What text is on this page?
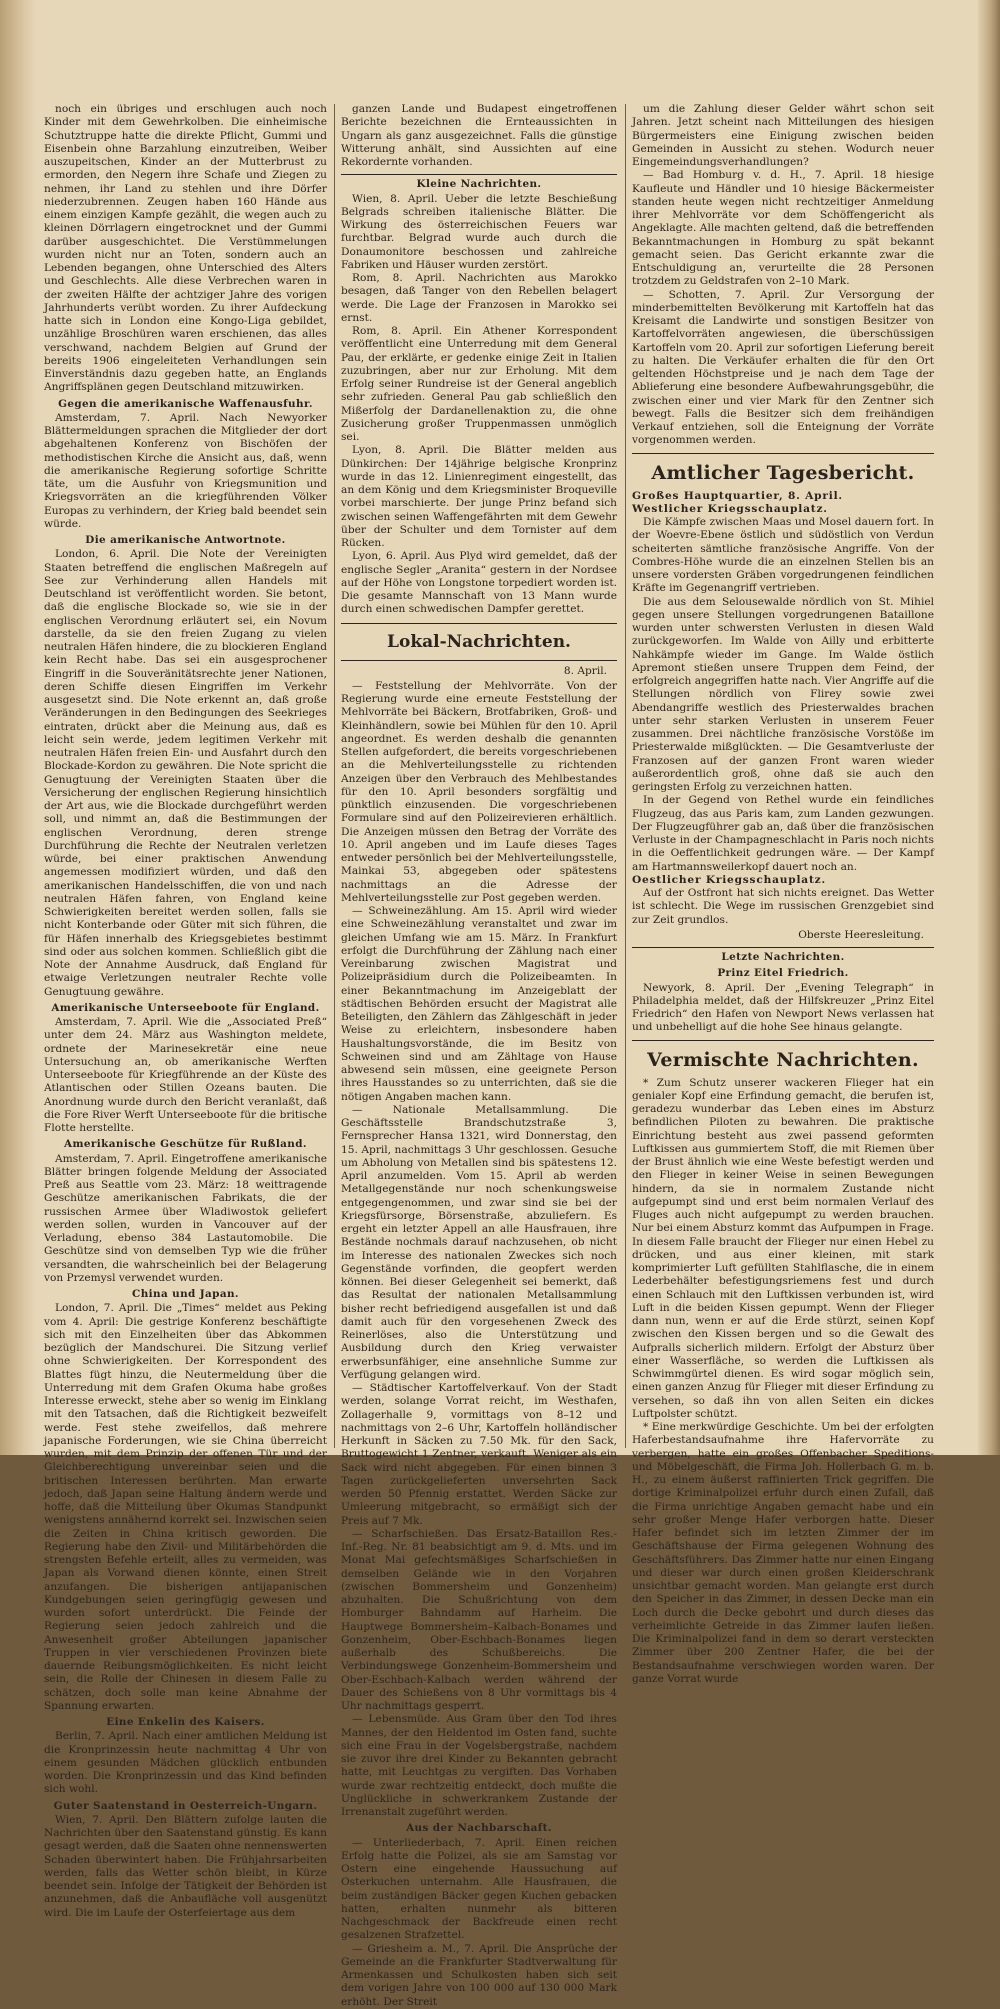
noch ein übriges und erschlugen auch noch Kinder mit dem Gewehrkolben. Die einheimische Schutztruppe hatte die direkte Pflicht, Gummi und Eisenbein ohne Barzahlung einzutreiben, Weiber auszupeitschen, Kinder an der Mutterbrust zu ermorden, den Negern ihre Schafe und Ziegen zu nehmen, ihr Land zu stehlen und ihre Dörfer niederzubrennen. Zeugen haben 160 Hände aus einem einzigen Kampfe gezählt, die wegen auch zu kleinen Dörrlagern eingetrocknet und der Gummi darüber ausgeschichtet. Die Verstümmelungen wurden nicht nur an Toten, sondern auch an Lebenden begangen, ohne Unterschied des Alters und Geschlechts. Alle diese Verbrechen waren in der zweiten Hälfte der achtziger Jahre des vorigen Jahrhunderts verübt worden. Zu ihrer Aufdeckung hatte sich in London eine Kongo-Liga gebildet, unzählige Broschüren waren erschienen, das alles verschwand, nachdem Belgien auf Grund der bereits 1906 eingeleiteten Verhandlungen sein Einverständnis dazu gegeben hatte, an Englands Angriffsplänen gegen Deutschland mitzuwirken.

Gegen die amerikanische Waffenausfuhr.

Amsterdam, 7. April. Nach Newyorker Blättermeldungen sprachen die Mitglieder der dort abgehaltenen Konferenz von Bischöfen der methodistischen Kirche die Ansicht aus, daß, wenn die amerikanische Regierung sofortige Schritte täte, um die Ausfuhr von Kriegsmunition und Kriegsvorräten an die kriegführenden Völker Europas zu verhindern, der Krieg bald beendet sein würde.

Die amerikanische Antwortnote.

London, 6. April. Die Note der Vereinigten Staaten betreffend die englischen Maßregeln auf See zur Verhinderung allen Handels mit Deutschland ist veröffentlicht worden. Sie betont, daß die englische Blockade so, wie sie in der englischen Verordnung erläutert sei, ein Novum darstelle, da sie den freien Zugang zu vielen neutralen Häfen hindere, die zu blockieren England kein Recht habe. Das sei ein ausgesprochener Eingriff in die Souveränitätsrechte jener Nationen, deren Schiffe diesen Eingriffen im Verkehr ausgesetzt sind. Die Note erkennt an, daß große Veränderungen in den Bedingungen des Seekrieges eintraten, drückt aber die Meinung aus, daß es leicht sein werde, jedem legitimen Verkehr mit neutralen Häfen freien Ein- und Ausfahrt durch den Blockade-Kordon zu gewähren. Die Note spricht die Genugtuung der Vereinigten Staaten über die Versicherung der englischen Regierung hinsichtlich der Art aus, wie die Blockade durchgeführt werden soll, und nimmt an, daß die Bestimmungen der englischen Verordnung, deren strenge Durchführung die Rechte der Neutralen verletzen würde, bei einer praktischen Anwendung angemessen modifiziert würden, und daß den amerikanischen Handelsschiffen, die von und nach neutralen Häfen fahren, von England keine Schwierigkeiten bereitet werden sollen, falls sie nicht Konterbande oder Güter mit sich führen, die für Häfen innerhalb des Kriegsgebietes bestimmt sind oder aus solchen kommen. Schließlich gibt die Note der Annahme Ausdruck, daß England für etwaige Verletzungen neutraler Rechte volle Genugtuung gewähre.

Amerikanische Unterseeboote für England.

Amsterdam, 7. April. Wie die „Associated Preß“ unter dem 24. März aus Washington meldete, ordnete der Marinesekretär eine neue Untersuchung an, ob amerikanische Werften Unterseeboote für Kriegführende an der Küste des Atlantischen oder Stillen Ozeans bauten. Die Anordnung wurde durch den Bericht veranlaßt, daß die Fore River Werft Unterseeboote für die britische Flotte herstellte.

Amerikanische Geschütze für Rußland.

Amsterdam, 7. April. Eingetroffene amerikanische Blätter bringen folgende Meldung der Associated Preß aus Seattle vom 23. März: 18 weittragende Geschütze amerikanischen Fabrikats, die der russischen Armee über Wladiwostok geliefert werden sollen, wurden in Vancouver auf der Verladung, ebenso 384 Lastautomobile. Die Geschütze sind von demselben Typ wie die früher versandten, die wahrscheinlich bei der Belagerung von Przemysl verwendet wurden.

China und Japan.

London, 7. April. Die „Times“ meldet aus Peking vom 4. April: Die gestrige Konferenz beschäftigte sich mit den Einzelheiten über das Abkommen bezüglich der Mandschurei. Die Sitzung verlief ohne Schwierigkeiten. Der Korrespondent des Blattes fügt hinzu, die Neutermeldung über die Unterredung mit dem Grafen Okuma habe großes Interesse erweckt, stehe aber so wenig im Einklang mit den Tatsachen, daß die Richtigkeit bezweifelt werde. Fest stehe zweifellos, daß mehrere japanische Forderungen, wie sie China überreicht wurden, mit dem Prinzip der offenen Tür und der Gleichberechtigung unvereinbar seien und die britischen Interessen berührten. Man erwarte jedoch, daß Japan seine Haltung ändern werde und hoffe, daß die Mitteilung über Okumas Standpunkt wenigstens annähernd korrekt sei. Inzwischen seien die Zeiten in China kritisch geworden. Die Regierung habe den Zivil- und Militärbehörden die strengsten Befehle erteilt, alles zu vermeiden, was Japan als Vorwand dienen könnte, einen Streit anzufangen. Die bisherigen antijapanischen Kundgebungen seien geringfügig gewesen und wurden sofort unterdrückt. Die Feinde der Regierung seien jedoch zahlreich und die Anwesenheit großer Abteilungen japanischer Truppen in vier verschiedenen Provinzen biete dauernde Reibungsmöglichkeiten. Es nicht leicht sein, die Rolle der Chinesen in diesem Falle zu schätzen, doch solle man keine Abnahme der Spannung erwarten.

Eine Enkelin des Kaisers.

Berlin, 7. April. Nach einer amtlichen Meldung ist die Kronprinzessin heute nachmittag 4 Uhr von einem gesunden Mädchen glücklich entbunden worden. Die Kronprinzessin und das Kind befinden sich wohl.

Guter Saatenstand in Oesterreich-Ungarn.

Wien, 7. April. Den Blättern zufolge lauten die Nachrichten über den Saatenstand günstig. Es kann gesagt werden, daß die Saaten ohne nennenswerten Schaden überwintert haben. Die Frühjahrsarbeiten werden, falls das Wetter schön bleibt, in Kürze beendet sein. Infolge der Tätigkeit der Behörden ist anzunehmen, daß die Anbaufläche voll ausgenützt wird. Die im Laufe der Osterfeiertage aus dem

ganzen Lande und Budapest eingetroffenen Berichte bezeichnen die Ernteaussichten in Ungarn als ganz ausgezeichnet. Falls die günstige Witterung anhält, sind Aussichten auf eine Rekordernte vorhanden.

Kleine Nachrichten.

Wien, 8. April. Ueber die letzte Beschießung Belgrads schreiben italienische Blätter. Die Wirkung des österreichischen Feuers war furchtbar. Belgrad wurde auch durch die Donaumonitore beschossen und zahlreiche Fabriken und Häuser wurden zerstört.

Rom, 8. April. Nachrichten aus Marokko besagen, daß Tanger von den Rebellen belagert werde. Die Lage der Franzosen in Marokko sei ernst.

Rom, 8. April. Ein Athener Korrespondent veröffentlicht eine Unterredung mit dem General Pau, der erklärte, er gedenke einige Zeit in Italien zuzubringen, aber nur zur Erholung. Mit dem Erfolg seiner Rundreise ist der General angeblich sehr zufrieden. General Pau gab schließlich den Mißerfolg der Dardanellenaktion zu, die ohne Zusicherung großer Truppenmassen unmöglich sei.

Lyon, 8. April. Die Blätter melden aus Dünkirchen: Der 14jährige belgische Kronprinz wurde in das 12. Linienregiment eingestellt, das an dem König und dem Kriegsminister Broqueville vorbei marschierte. Der junge Prinz befand sich zwischen seinen Waffengefährten mit dem Gewehr über der Schulter und dem Tornister auf dem Rücken.

Lyon, 6. April. Aus Plyd wird gemeldet, daß der englische Segler „Aranita“ gestern in der Nordsee auf der Höhe von Longstone torpediert worden ist. Die gesamte Mannschaft von 13 Mann wurde durch einen schwedischen Dampfer gerettet.

Lokal-Nachrichten.

8. April.

— Feststellung der Mehlvorräte. Von der Regierung wurde eine erneute Feststellung der Mehlvorräte bei Bäckern, Brotfabriken, Groß- und Kleinhändlern, sowie bei Mühlen für den 10. April angeordnet. Es werden deshalb die genannten Stellen aufgefordert, die bereits vorgeschriebenen an die Mehlverteilungsstelle zu richtenden Anzeigen über den Verbrauch des Mehlbestandes für den 10. April besonders sorgfältig und pünktlich einzusenden. Die vorgeschriebenen Formulare sind auf den Polizeirevieren erhältlich. Die Anzeigen müssen den Betrag der Vorräte des 10. April angeben und im Laufe dieses Tages entweder persönlich bei der Mehlverteilungsstelle, Mainkai 53, abgegeben oder spätestens nachmittags an die Adresse der Mehlverteilungsstelle zur Post gegeben werden.

— Schweinezählung. Am 15. April wird wieder eine Schweinezählung veranstaltet und zwar im gleichen Umfang wie am 15. März. In Frankfurt erfolgt die Durchführung der Zählung nach einer Vereinbarung zwischen Magistrat und Polizeipräsidium durch die Polizeibeamten. In einer Bekanntmachung im Anzeigeblatt der städtischen Behörden ersucht der Magistrat alle Beteiligten, den Zählern das Zählgeschäft in jeder Weise zu erleichtern, insbesondere haben Haushaltungsvorstände, die im Besitz von Schweinen sind und am Zähltage von Hause abwesend sein müssen, eine geeignete Person ihres Hausstandes so zu unterrichten, daß sie die nötigen Angaben machen kann.

— Nationale Metallsammlung. Die Geschäftsstelle Brandschutzstraße 3, Fernsprecher Hansa 1321, wird Donnerstag, den 15. April, nachmittags 3 Uhr geschlossen. Gesuche um Abholung von Metallen sind bis spätestens 12. April anzumelden. Vom 15. April ab werden Metallgegenstände nur noch schenkungsweise entgegengenommen, und zwar sind sie bei der Kriegsfürsorge, Börsenstraße, abzuliefern. Es ergeht ein letzter Appell an alle Hausfrauen, ihre Bestände nochmals darauf nachzusehen, ob nicht im Interesse des nationalen Zweckes sich noch Gegenstände vorfinden, die geopfert werden können. Bei dieser Gelegenheit sei bemerkt, daß das Resultat der nationalen Metallsammlung bisher recht befriedigend ausgefallen ist und daß damit auch für den vorgesehenen Zweck des Reinerlöses, also die Unterstützung und Ausbildung durch den Krieg verwaister erwerbsunfähiger, eine ansehnliche Summe zur Verfügung gelangen wird.

— Städtischer Kartoffelverkauf. Von der Stadt werden, solange Vorrat reicht, im Westhafen, Zollagerhalle 9, vormittags von 8–12 und nachmittags von 2–6 Uhr, Kartoffeln holländischer Herkunft in Säcken zu 7.50 Mk. für den Sack, Bruttogewicht 1 Zentner, verkauft. Weniger als ein Sack wird nicht abgegeben. Für einen binnen 3 Tagen zurückgelieferten unversehrten Sack werden 50 Pfennig erstattet. Werden Säcke zur Umleerung mitgebracht, so ermäßigt sich der Preis auf 7 Mk.

— Scharfschießen. Das Ersatz-Bataillon Res.-Inf.-Reg. Nr. 81 beabsichtigt am 9. d. Mts. und im Monat Mai gefechtsmäßiges Scharfschießen in demselben Gelände wie in den Vorjahren (zwischen Bommersheim und Gonzenheim) abzuhalten. Die Schußrichtung von dem Homburger Bahndamm auf Harheim. Die Hauptwege Bommersheim–Kalbach-Bonames und Gonzenheim, Ober-Eschbach-Bonames liegen außerhalb des Schußbereichs. Die Verbindungswege Gonzenheim-Bommersheim und Ober-Eschbach-Kalbach werden während der Dauer des Schießens von 8 Uhr vormittags bis 4 Uhr nachmittags gesperrt.

— Lebensmüde. Aus Gram über den Tod ihres Mannes, der den Heldentod im Osten fand, suchte sich eine Frau in der Vogelsbergstraße, nachdem sie zuvor ihre drei Kinder zu Bekannten gebracht hatte, mit Leuchtgas zu vergiften. Das Vorhaben wurde zwar rechtzeitig entdeckt, doch mußte die Unglückliche in schwerkrankem Zustande der Irrenanstalt zugeführt werden.

Aus der Nachbarschaft.

— Unterliederbach, 7. April. Einen reichen Erfolg hatte die Polizei, als sie am Samstag vor Ostern eine eingehende Haussuchung auf Osterkuchen unternahm. Alle Hausfrauen, die beim zuständigen Bäcker gegen Kuchen gebacken hatten, erhalten nunmehr als bitteren Nachgeschmack der Backfreude einen recht gesalzenen Strafzettel.

— Griesheim a. M., 7. April. Die Ansprüche der Gemeinde an die Frankfurter Stadtverwaltung für Armenkassen und Schulkosten haben sich seit dem vorigen Jahre von 100 000 auf 130 000 Mark erhöht. Der Streit

um die Zahlung dieser Gelder währt schon seit Jahren. Jetzt scheint nach Mitteilungen des hiesigen Bürgermeisters eine Einigung zwischen beiden Gemeinden in Aussicht zu stehen. Wodurch neuer Eingemeindungsverhandlungen?

— Bad Homburg v. d. H., 7. April. 18 hiesige Kaufleute und Händler und 10 hiesige Bäckermeister standen heute wegen nicht rechtzeitiger Anmeldung ihrer Mehlvorräte vor dem Schöffengericht als Angeklagte. Alle machten geltend, daß die betreffenden Bekanntmachungen in Homburg zu spät bekannt gemacht seien. Das Gericht erkannte zwar die Entschuldigung an, verurteilte die 28 Personen trotzdem zu Geldstrafen von 2–10 Mark.

— Schotten, 7. April. Zur Versorgung der minderbemittelten Bevölkerung mit Kartoffeln hat das Kreisamt die Landwirte und sonstigen Besitzer von Kartoffelvorräten angewiesen, die überschüssigen Kartoffeln vom 20. April zur sofortigen Lieferung bereit zu halten. Die Verkäufer erhalten die für den Ort geltenden Höchstpreise und je nach dem Tage der Ablieferung eine besondere Aufbewahrungsgebühr, die zwischen einer und vier Mark für den Zentner sich bewegt. Falls die Besitzer sich dem freihändigen Verkauf entziehen, soll die Enteignung der Vorräte vorgenommen werden.

Amtlicher Tagesbericht.

Großes Hauptquartier, 8. April.

Westlicher Kriegsschauplatz.

Die Kämpfe zwischen Maas und Mosel dauern fort. In der Woevre-Ebene östlich und südöstlich von Verdun scheiterten sämtliche französische Angriffe. Von der Combres-Höhe wurde die an einzelnen Stellen bis an unsere vordersten Gräben vorgedrungenen feindlichen Kräfte im Gegenangriff vertrieben.

Die aus dem Selousewalde nördlich von St. Mihiel gegen unsere Stellungen vorgedrungenen Bataillone wurden unter schwersten Verlusten in diesen Wald zurückgeworfen. Im Walde von Ailly und erbitterte Nahkämpfe wieder im Gange. Im Walde östlich Apremont stießen unsere Truppen dem Feind, der erfolgreich angegriffen hatte nach. Vier Angriffe auf die Stellungen nördlich von Flirey sowie zwei Abendangriffe westlich des Priesterwaldes brachen unter sehr starken Verlusten in unserem Feuer zusammen. Drei nächtliche französische Vorstöße im Priesterwalde mißglückten. — Die Gesamtverluste der Franzosen auf der ganzen Front waren wieder außerordentlich groß, ohne daß sie auch den geringsten Erfolg zu verzeichnen hatten.

In der Gegend von Rethel wurde ein feindliches Flugzeug, das aus Paris kam, zum Landen gezwungen. Der Flugzeugführer gab an, daß über die französischen Verluste in der Champagneschlacht in Paris noch nichts in die Oeffentlichkeit gedrungen wäre. — Der Kampf am Hartmannsweilerkopf dauert noch an.

Oestlicher Kriegsschauplatz.

Auf der Ostfront hat sich nichts ereignet. Das Wetter ist schlecht. Die Wege im russischen Grenzgebiet sind zur Zeit grundlos.

Oberste Heeresleitung.

Letzte Nachrichten.
Prinz Eitel Friedrich.

Newyork, 8. April. Der „Evening Telegraph“ in Philadelphia meldet, daß der Hilfskreuzer „Prinz Eitel Friedrich“ den Hafen von Newport News verlassen hat und unbehelligt auf die hohe See hinaus gelangte.

Vermischte Nachrichten.

* Zum Schutz unserer wackeren Flieger hat ein genialer Kopf eine Erfindung gemacht, die berufen ist, geradezu wunderbar das Leben eines im Absturz befindlichen Piloten zu bewahren. Die praktische Einrichtung besteht aus zwei passend geformten Luftkissen aus gummiertem Stoff, die mit Riemen über der Brust ähnlich wie eine Weste befestigt werden und den Flieger in keiner Weise in seinen Bewegungen hindern, da sie in normalem Zustande nicht aufgepumpt sind und erst beim normalen Verlauf des Fluges auch nicht aufgepumpt zu werden brauchen. Nur bei einem Absturz kommt das Aufpumpen in Frage. In diesem Falle braucht der Flieger nur einen Hebel zu drücken, und aus einer kleinen, mit stark komprimierter Luft gefüllten Stahlflasche, die in einem Lederbehälter befestigungsriemens fest und durch einen Schlauch mit den Luftkissen verbunden ist, wird Luft in die beiden Kissen gepumpt. Wenn der Flieger dann nun, wenn er auf die Erde stürzt, seinen Kopf zwischen den Kissen bergen und so die Gewalt des Aufpralls sicherlich mildern. Erfolgt der Absturz über einer Wasserfläche, so werden die Luftkissen als Schwimmgürtel dienen. Es wird sogar möglich sein, einen ganzen Anzug für Flieger mit dieser Erfindung zu versehen, so daß ihn von allen Seiten ein dickes Luftpolster schützt.

* Eine merkwürdige Geschichte. Um bei der erfolgten Haferbestandsaufnahme ihre Hafervorräte zu verbergen, hatte ein großes Offenbacher Speditions- und Möbelgeschäft, die Firma Joh. Hollerbach G. m. b. H., zu einem äußerst raffinierten Trick gegriffen. Die dortige Kriminalpolizei erfuhr durch einen Zufall, daß die Firma unrichtige Angaben gemacht habe und ein sehr großer Menge Hafer verborgen hatte. Dieser Hafer befindet sich im letzten Zimmer der im Geschäftshause der Firma gelegenen Wohnung des Geschäftsführers. Das Zimmer hatte nur einen Eingang und dieser war durch einen großen Kleiderschrank unsichtbar gemacht worden. Man gelangte erst durch den Speicher in das Zimmer, in dessen Decke man ein Loch durch die Decke gebohrt und durch dieses das verheimlichte Getreide in das Zimmer laufen ließen. Die Kriminalpolizei fand in dem so derart versteckten Zimmer über 200 Zentner Hafer, die bei der Bestandsaufnahme verschwiegen worden waren. Der ganze Vorrat wurde
